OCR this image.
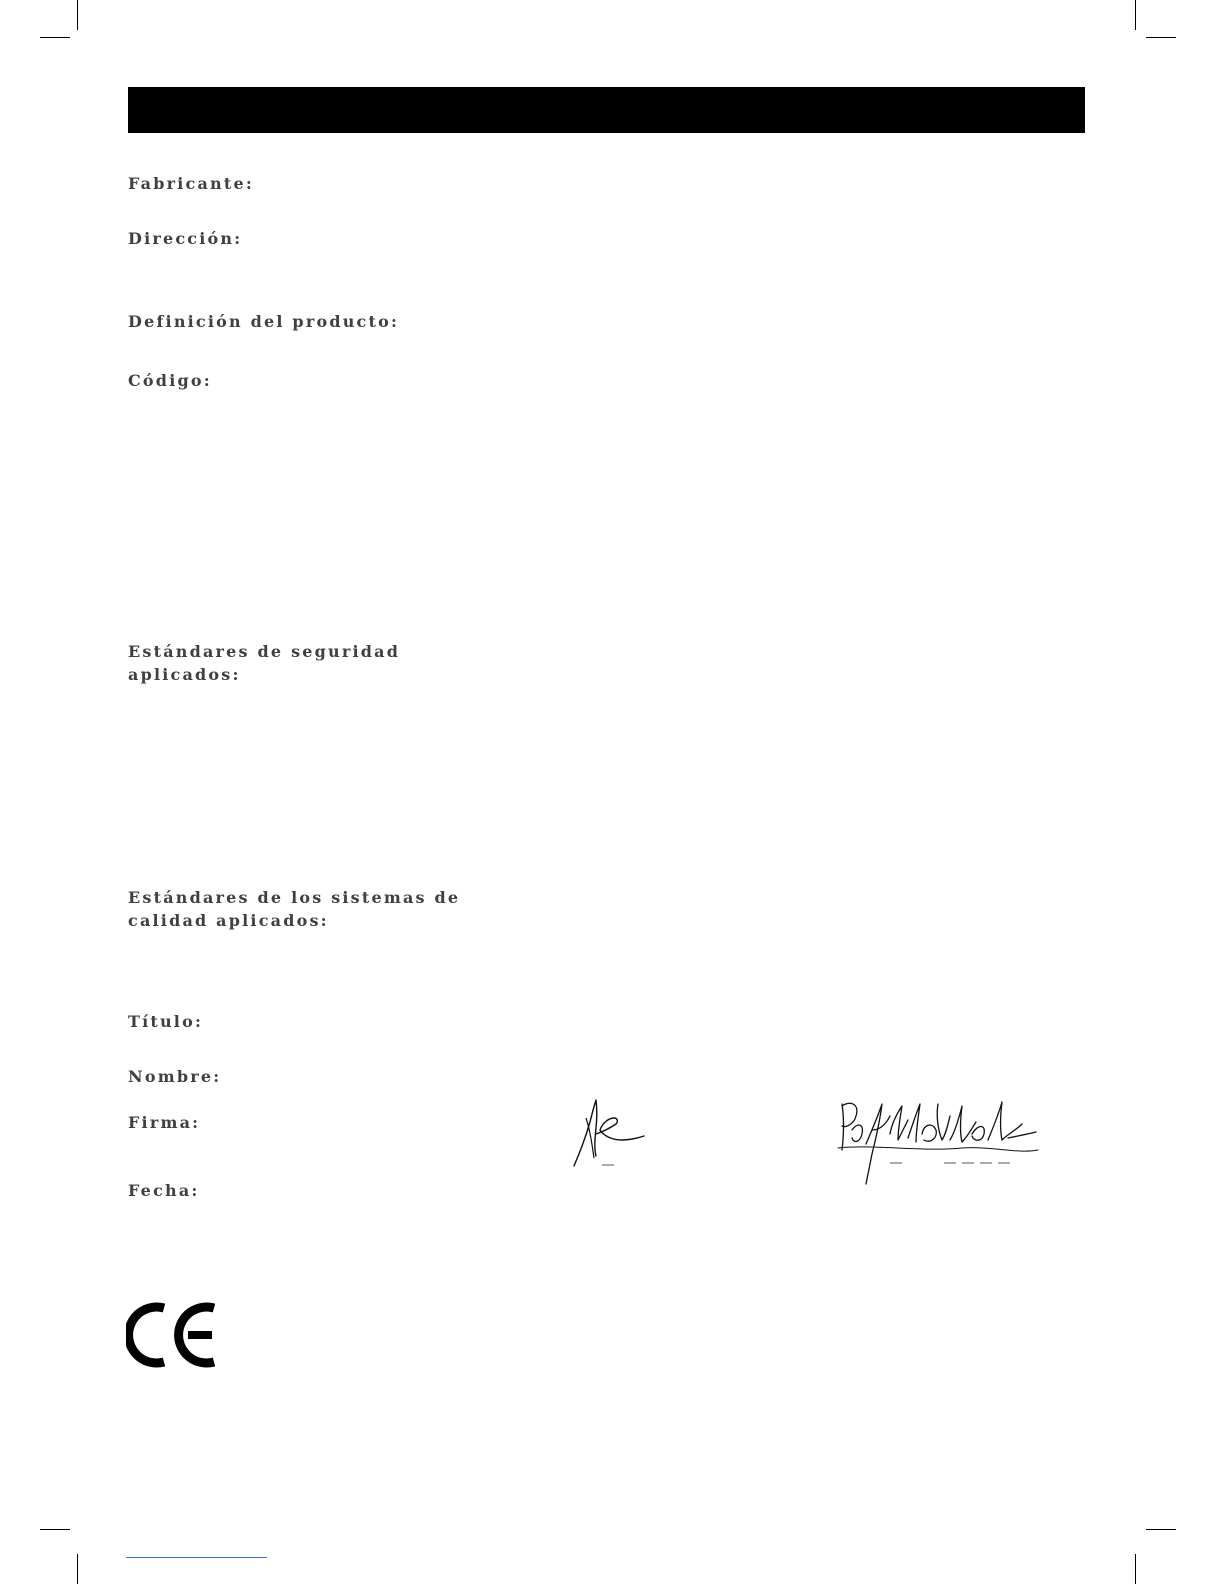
Fabricante:

Dirección:

Definición del producto:

Código:

Estándares de seguridad aplicados:

Estándares de los sistemas de calidad aplicados:

Título:

Nombre:

Firma:

Fecha:
